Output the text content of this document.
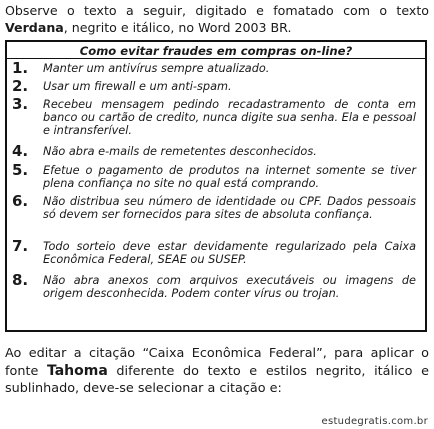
Observe o texto a seguir, digitado e fomatado com o texto Verdana, negrito e itálico, no Word 2003 BR.

Como evitar fraudes em compras on-line?

1. Manter um antivírus sempre atualizado.

2. Usar um firewall e um anti-spam.

3. Recebeu mensagem pedindo recadastramento de conta em banco ou cartão de credito, nunca digite sua senha. Ela e pessoal e intransferível.

4. Não abra e-mails de remetentes desconhecidos.

5. Efetue o pagamento de produtos na internet somente se tiver plena confiança no site no qual está comprando.

6. Não distribua seu número de identidade ou CPF. Dados pessoais só devem ser fornecidos para sites de absoluta confiança.

7. Todo sorteio deve estar devidamente regularizado pela Caixa Econômica Federal, SEAE ou SUSEP.

8. Não abra anexos com arquivos executáveis ou imagens de origem desconhecida. Podem conter vírus ou trojan.

Ao editar a citação “Caixa Econômica Federal”, para aplicar o fonte Tahoma diferente do texto e estilos negrito, itálico e sublinhado, deve-se selecionar a citação e:

estudegratis.com.br
